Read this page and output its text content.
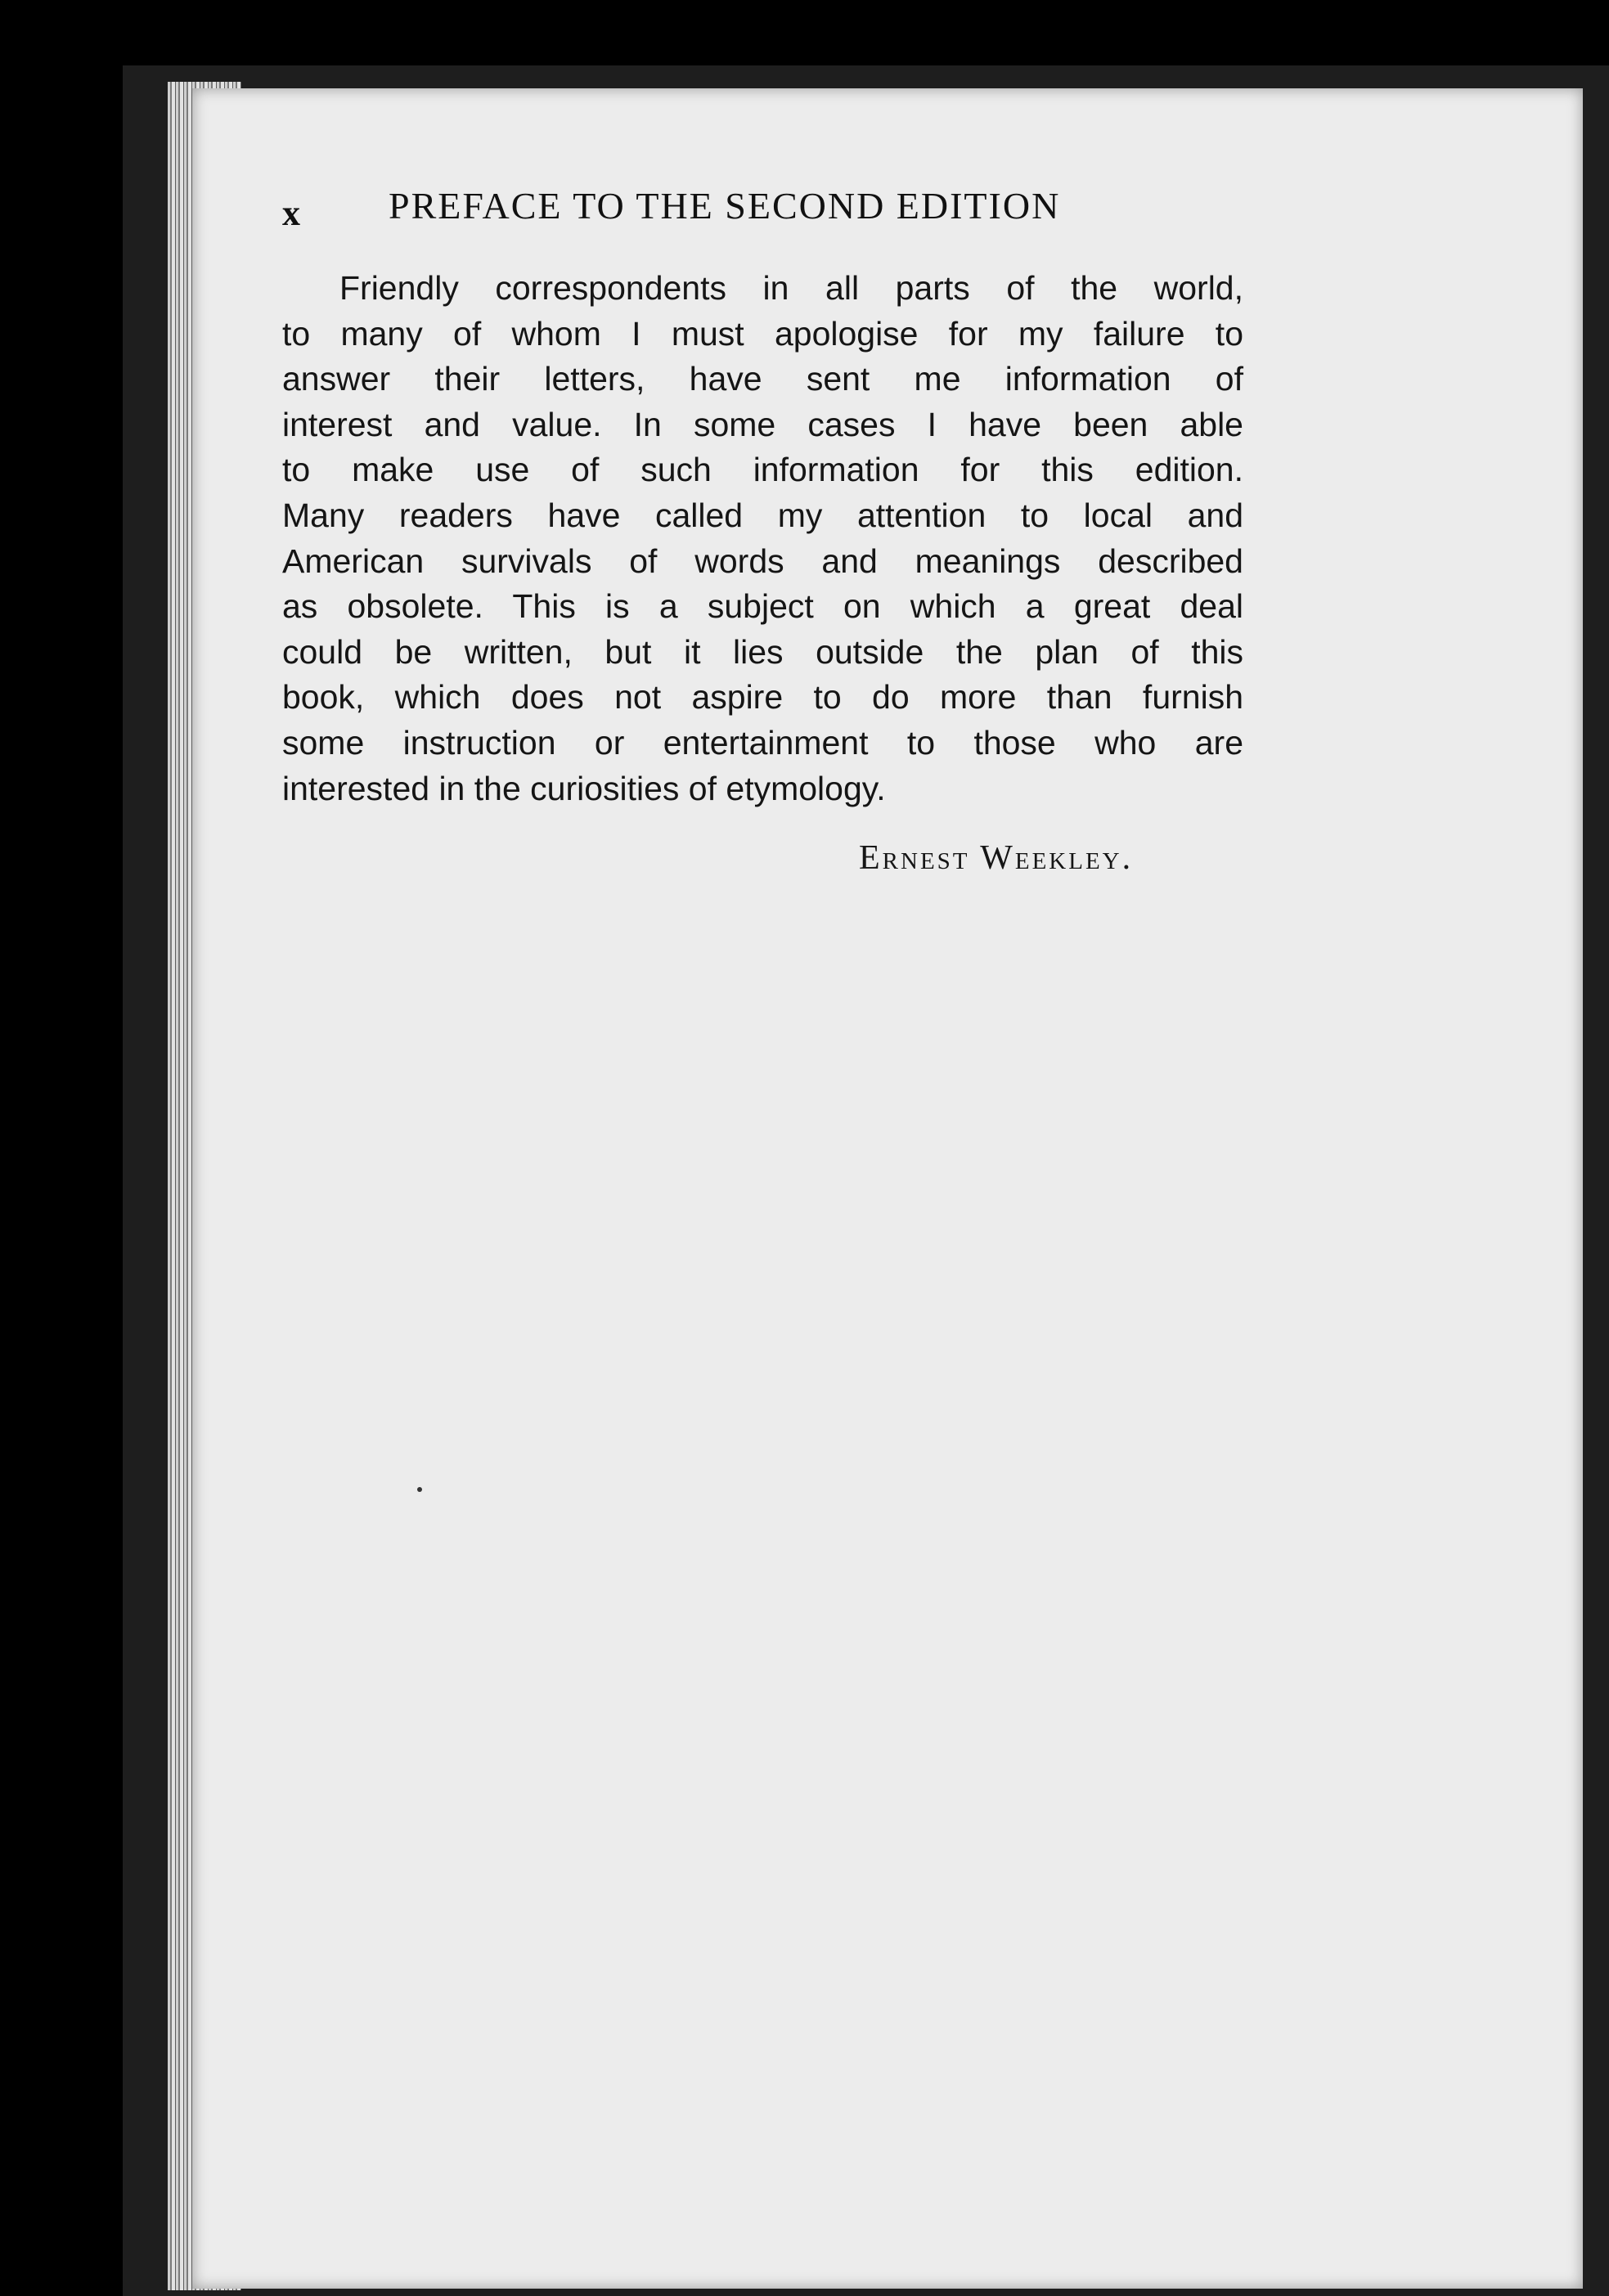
x PREFACE TO THE SECOND EDITION
Friendly correspondents in all parts of the world,
to many of whom I must apologise for my failure to
answer their letters, have sent me information of
interest and value. In some cases I have been able
to make use of such information for this edition.
Many readers have called my attention to local and
American survivals of words and meanings described
as obsolete. This is a subject on which a great deal
could be written, but it lies outside the plan of this
book, which does not aspire to do more than furnish
some instruction or entertainment to those who are
interested in the curiosities of etymology.
Ernest Weekley.
